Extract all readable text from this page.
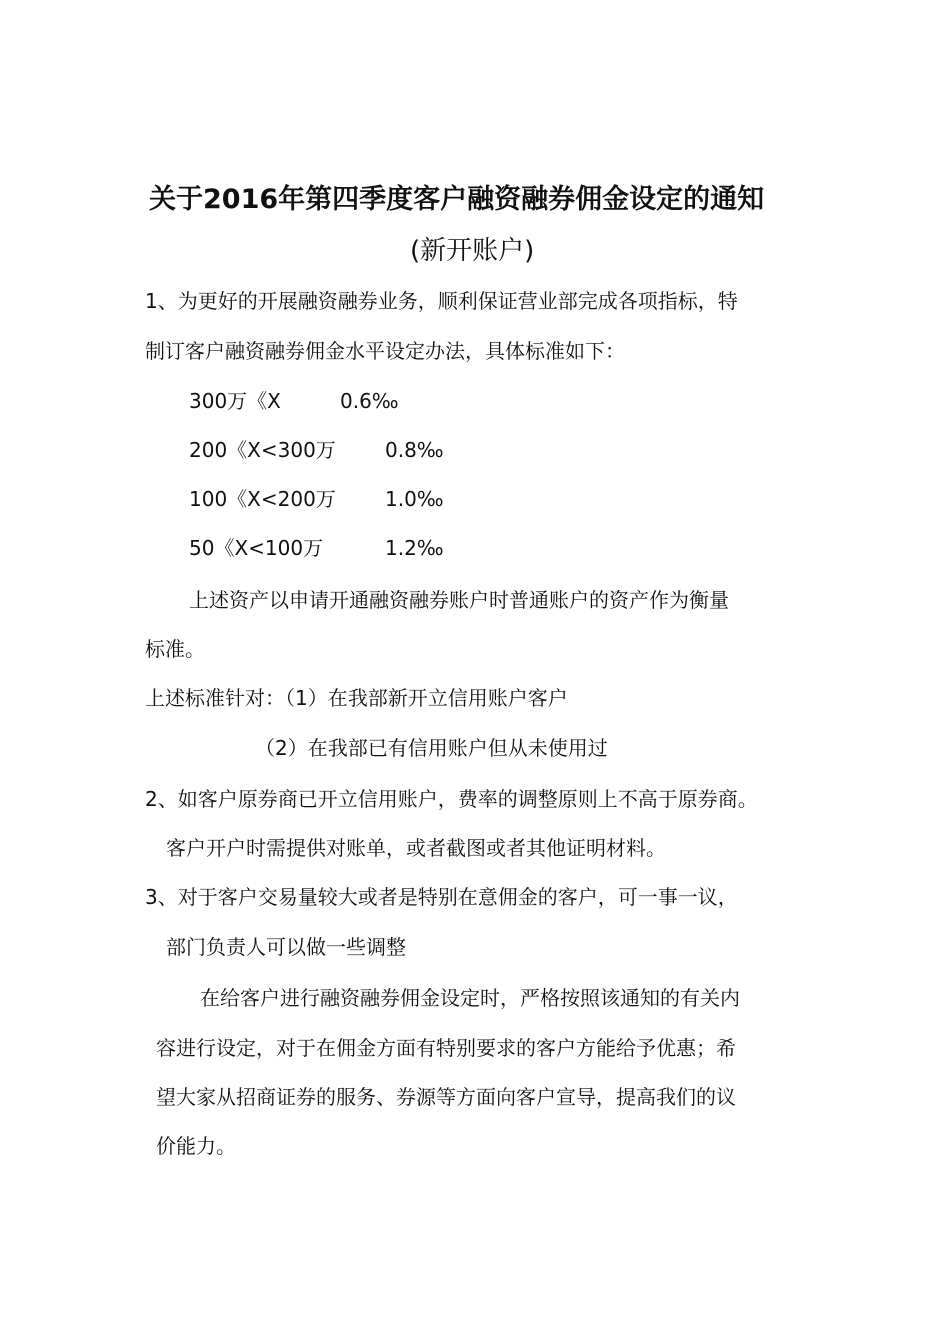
关于2016年第四季度客户融资融券佣金设定的通知
(新开账户)
1、为更好的开展融资融券业务，顺利保证营业部完成各项指标，特
制订客户融资融券佣金水平设定办法，具体标准如下：
300万《X	0.6‰
200《X<300万 0.8‰
100《X<200万 1.0‰
50《X<100万	1.2‰
上述资产以申请开通融资融券账户时普通账户的资产作为衡量
标准。
上述标准针对：（1）在我部新开立信用账户客户
（2）在我部已有信用账户但从未使用过
2、如客户原券商已开立信用账户，费率的调整原则上不高于原券商。
客户开户时需提供对账单，或者截图或者其他证明材料。
3、对于客户交易量较大或者是特别在意佣金的客户，可一事一议，
部门负责人可以做一些调整
在给客户进行融资融券佣金设定时，严格按照该通知的有关内
容进行设定，对于在佣金方面有特别要求的客户方能给予优惠；希
望大家从招商证券的服务、券源等方面向客户宣导，提高我们的议
价能力。
